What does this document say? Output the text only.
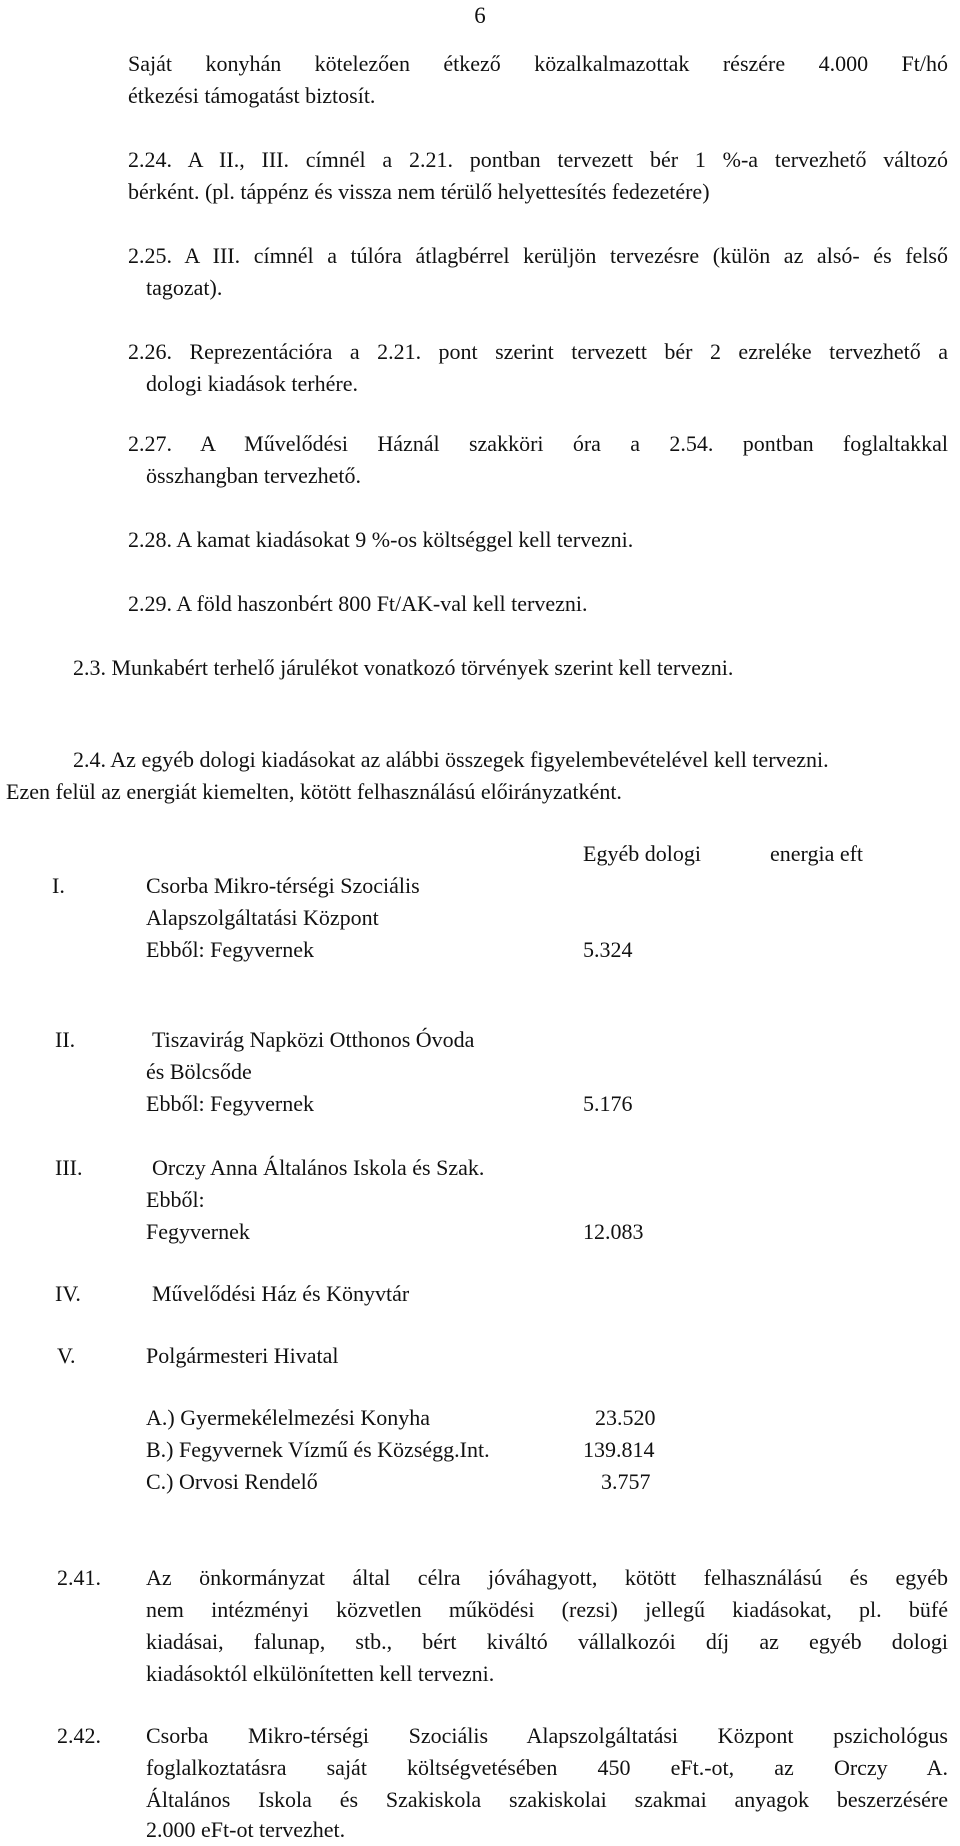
6
Saját konyhán kötelezően étkező közalkalmazottak részére 4.000 Ft/hó
étkezési támogatást biztosít.
2.24. A II., III. címnél a 2.21. pontban tervezett bér 1 %-a tervezhető változó
bérként. (pl. táppénz és vissza nem térülő helyettesítés fedezetére)
2.25. A III. címnél a túlóra átlagbérrel kerüljön tervezésre (külön az alsó- és felső
tagozat).
2.26. Reprezentációra a 2.21. pont szerint tervezett bér 2 ezreléke tervezhető a
dologi kiadások terhére.
2.27. A Művelődési Háznál szakköri óra a 2.54. pontban foglaltakkal
összhangban tervezhető.
2.28. A kamat kiadásokat 9 %-os költséggel kell tervezni.
2.29. A föld haszonbért 800 Ft/AK-val kell tervezni.
2.3. Munkabért terhelő járulékot vonatkozó törvények szerint kell tervezni.
2.4. Az egyéb dologi kiadásokat az alábbi összegek figyelembevételével kell tervezni.
Ezen felül az energiát kiemelten, kötött felhasználású előirányzatként.
Egyéb dologi	energia eft
I.	Csorba Mikro-térségi Szociális
Alapszolgáltatási Központ
Ebből: Fegyvernek	5.324
II.	Tiszavirág Napközi Otthonos Óvoda
és Bölcsőde
Ebből: Fegyvernek	5.176
III.	Orczy Anna Általános Iskola és Szak.
Ebből:
Fegyvernek	12.083
IV.	Művelődési Ház és Könyvtár
V.	Polgármesteri Hivatal
A.) Gyermekélelmezési Konyha	23.520
B.) Fegyvernek Vízmű és Községg.Int.	139.814
C.) Orvosi Rendelő	3.757
2.41. Az önkormányzat által célra jóváhagyott, kötött felhasználású és egyéb
nem intézményi közvetlen működési (rezsi) jellegű kiadásokat, pl. büfé
kiadásai, falunap, stb., bért kiváltó vállalkozói díj az egyéb dologi
kiadásoktól elkülönítetten kell tervezni.
2.42. Csorba Mikro-térségi Szociális Alapszolgáltatási Központ pszichológus
foglalkoztatásra saját költségvetésében 450 eFt.-ot, az Orczy A.
Általános Iskola és Szakiskola szakiskolai szakmai anyagok beszerzésére
2.000 eFt-ot tervezhet.
